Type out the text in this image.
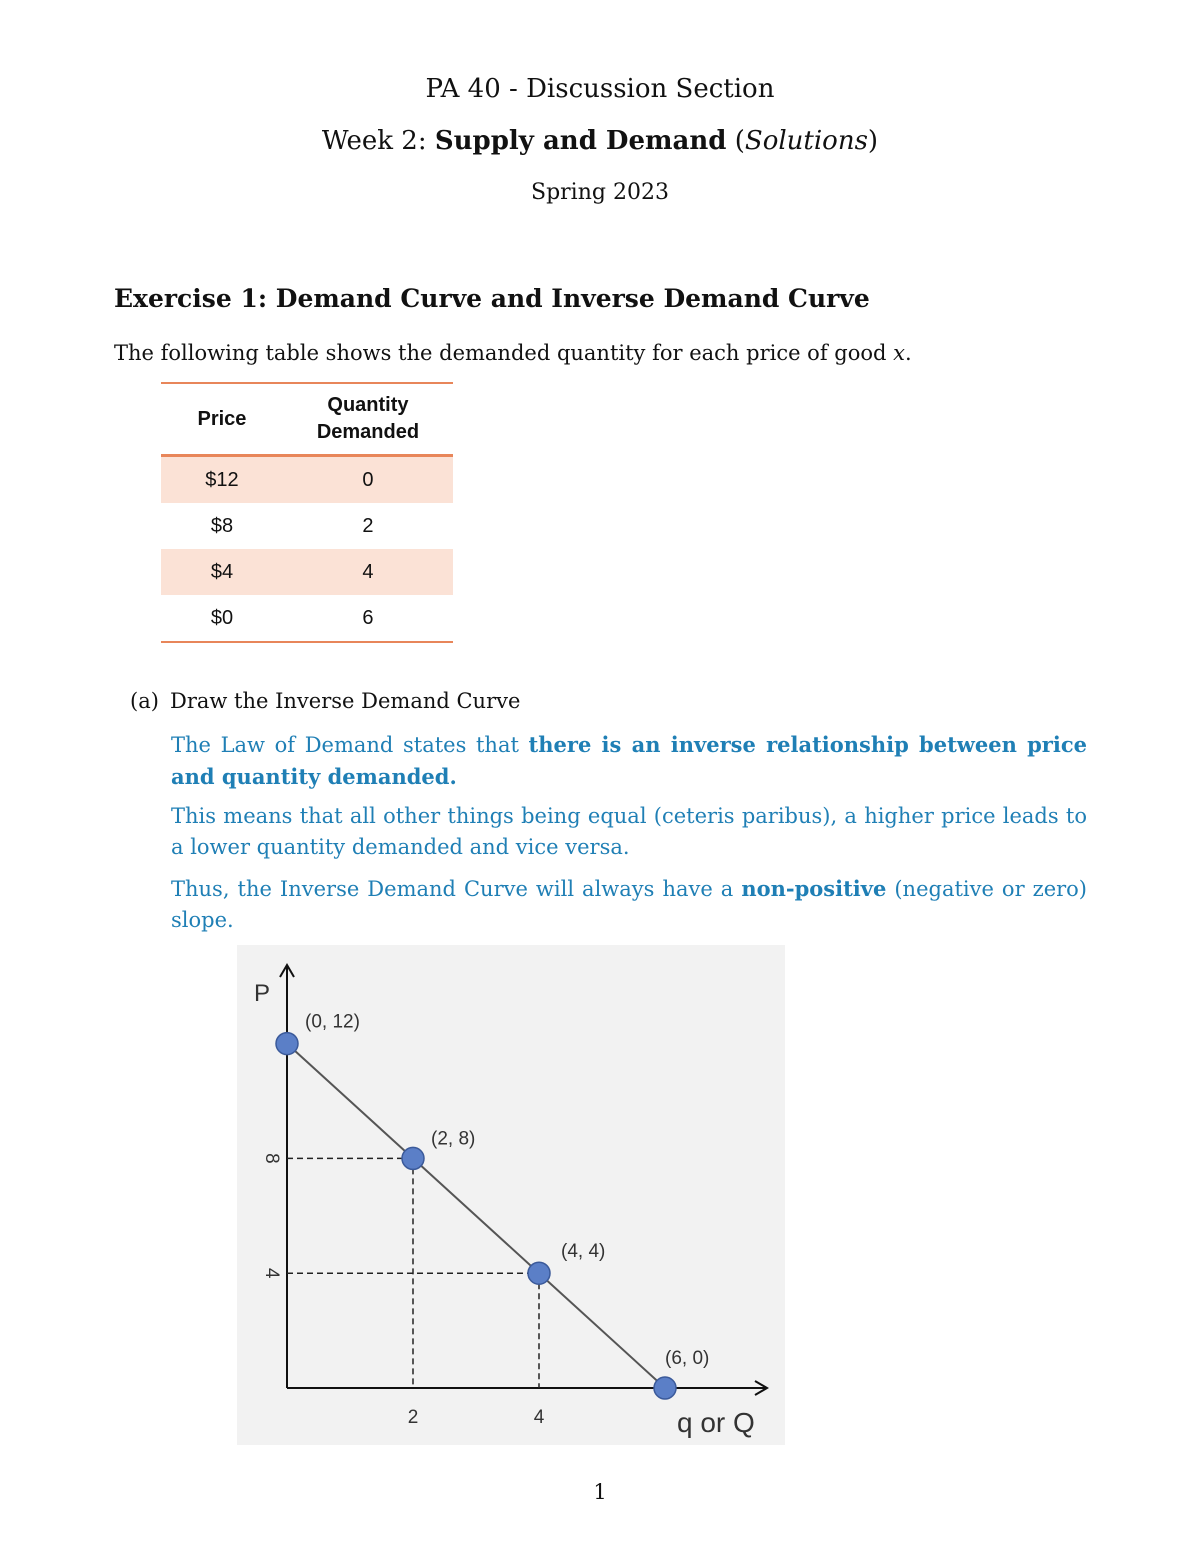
PA 40 - Discussion Section
Week 2: Supply and Demand (Solutions)
Spring 2023
Exercise 1: Demand Curve and Inverse Demand Curve
The following table shows the demanded quantity for each price of good x.
Price	Quantity
Demanded
$12	0
$8	2
$4	4
$0	6
(a) Draw the Inverse Demand Curve
The Law of Demand states that there is an inverse relationship between price and quantity demanded.
This means that all other things being equal (ceteris paribus), a higher price leads to a lower quantity demanded and vice versa.
Thus, the Inverse Demand Curve will always have a non-positive (negative or zero) slope.
(0, 12)
(2, 8)
(4, 4)
(6, 0)
2	4
8
4
P
q or Q
1
